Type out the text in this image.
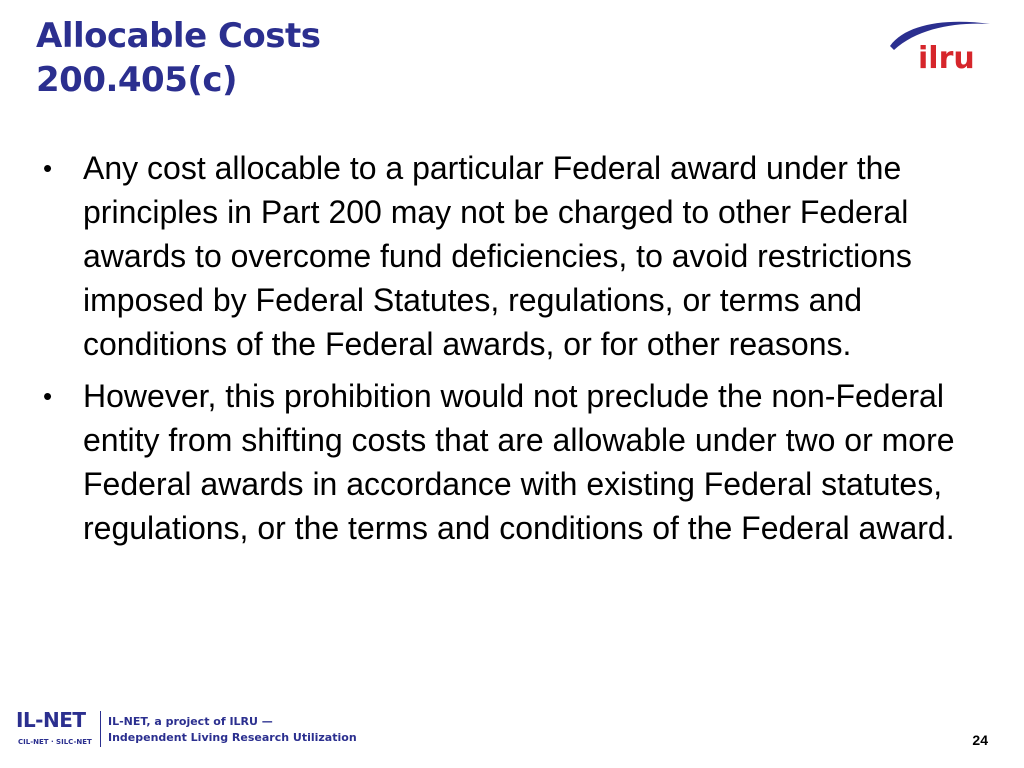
Allocable Costs
200.405(c)
ilru
• Any cost allocable to a particular Federal award under the principles in Part 200 may not be charged to other Federal awards to overcome fund deficiencies, to avoid restrictions imposed by Federal Statutes, regulations, or terms and conditions of the Federal awards, or for other reasons.
• However, this prohibition would not preclude the non-Federal entity from shifting costs that are allowable under two or more Federal awards in accordance with existing Federal statutes, regulations, or the terms and conditions of the Federal award.
IL-NET
CIL-NET · SILC-NET
IL-NET, a project of ILRU —
Independent Living Research Utilization	24
